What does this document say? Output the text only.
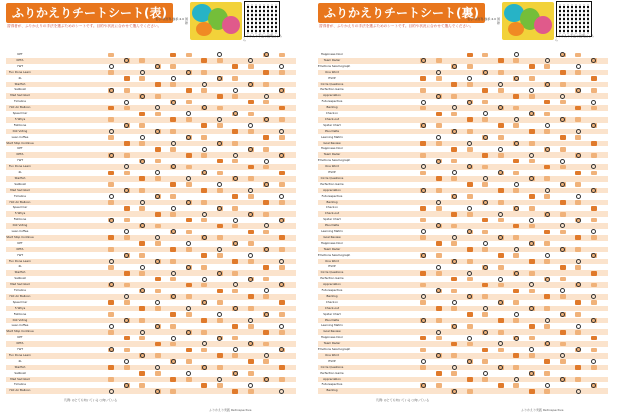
ふりかえりチートシート(表)
習得者が、ふりかえりの手法を選ぶためのシートです。目的や状況に合わせて選んでください。
表示-非営利-継承 4.0 国際
ふりかえり手法の説明はこちら
KPT
KPTA
YWT
Fun Done Learn
4L
Starfish
Sailboat
Mad Sad Glad
Timeline
Hot Air Balloon
Speed Car
5 Whys
Fishbone
Dot Voting
Lean Coffee
Start Stop Continue
KPT
KPTA
YWT
Fun Done Learn
4L
Starfish
Sailboat
Mad Sad Glad
Timeline
Hot Air Balloon
Speed Car
5 Whys
Fishbone
Dot Voting
Lean Coffee
Start Stop Continue
KPT
KPTA
YWT
Fun Done Learn
4L
Starfish
Sailboat
Mad Sad Glad
Timeline
Hot Air Balloon
Speed Car
5 Whys
Fishbone
Dot Voting
Lean Coffee
Start Stop Continue
KPT
KPTA
YWT
Fun Done Learn
4L
Starfish
Sailboat
Mad Sad Glad
Timeline
Hot Air Balloon
凡例: ◎とても向いている ○向いている
ふりかえり実践 Retrospective
ふりかえりチートシート(裏)
習得者が、ふりかえりの手法を選ぶためのシートです。目的や状況に合わせて選んでください。
表示-非営利-継承 4.0 国際
ふりかえり手法の説明はこちら
Happiness Door
Team Radar
Emotions Seismograph
One Word
ESVP
Circle Questions
Perfection Game
Appreciation
Futurespective
Backlog
Check-in
Check-out
Spider Chart
Plus Delta
Learning Matrix
Goal Review
Happiness Door
Team Radar
Emotions Seismograph
One Word
ESVP
Circle Questions
Perfection Game
Appreciation
Futurespective
Backlog
Check-in
Check-out
Spider Chart
Plus Delta
Learning Matrix
Goal Review
Happiness Door
Team Radar
Emotions Seismograph
One Word
ESVP
Circle Questions
Perfection Game
Appreciation
Futurespective
Backlog
Check-in
Check-out
Spider Chart
Plus Delta
Learning Matrix
Goal Review
Happiness Door
Team Radar
Emotions Seismograph
One Word
ESVP
Circle Questions
Perfection Game
Appreciation
Futurespective
Backlog
凡例: ◎とても向いている ○向いている
ふりかえり実践 Retrospective
